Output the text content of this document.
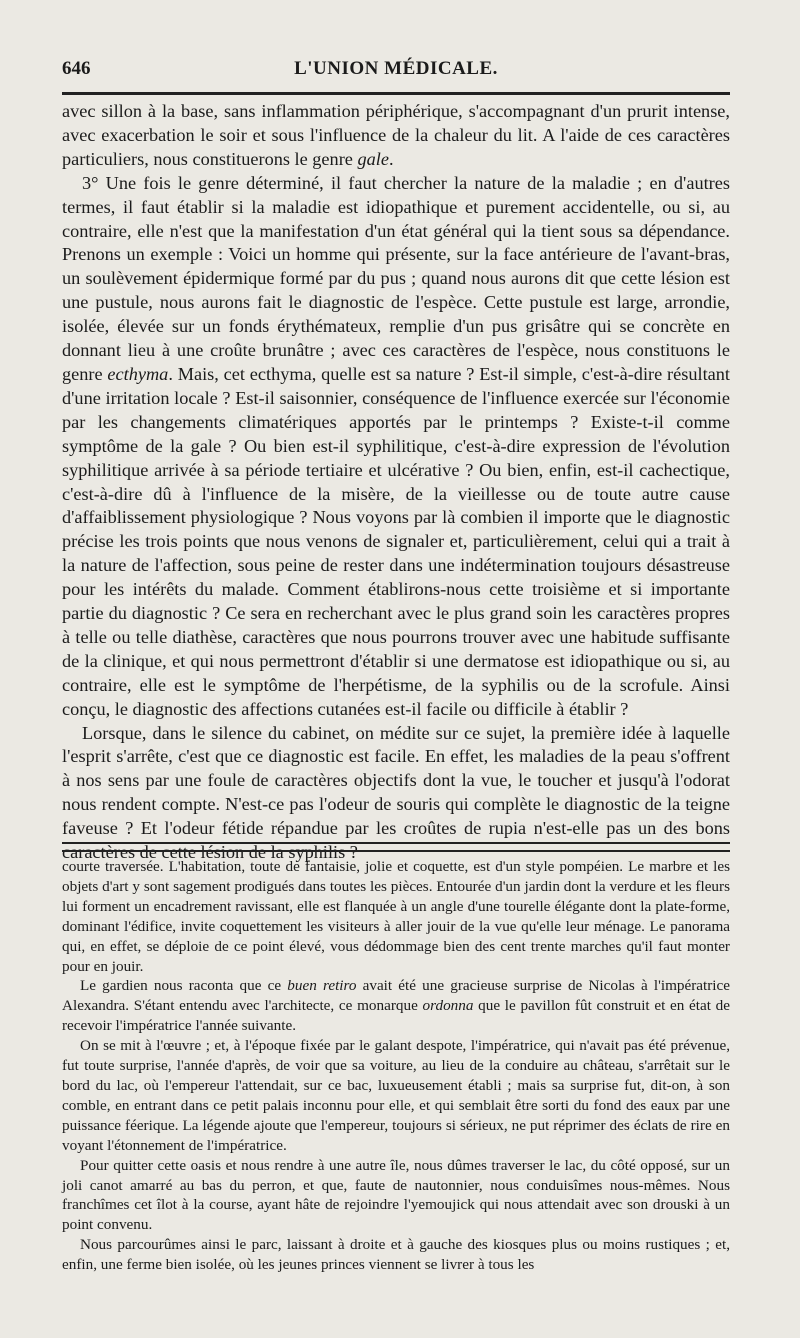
646	L'UNION MÉDICALE.

avec sillon à la base, sans inflammation périphérique, s'accompagnant d'un prurit intense, avec exacerbation le soir et sous l'influence de la chaleur du lit. A l'aide de ces caractères particuliers, nous constituerons le genre gale.

3° Une fois le genre déterminé, il faut chercher la nature de la maladie ; en d'autres termes, il faut établir si la maladie est idiopathique et purement accidentelle, ou si, au contraire, elle n'est que la manifestation d'un état général qui la tient sous sa dépendance. Prenons un exemple : Voici un homme qui présente, sur la face antérieure de l'avant-bras, un soulèvement épidermique formé par du pus ; quand nous aurons dit que cette lésion est une pustule, nous aurons fait le diagnostic de l'espèce. Cette pustule est large, arrondie, isolée, élevée sur un fonds érythémateux, remplie d'un pus grisâtre qui se concrète en donnant lieu à une croûte brunâtre ; avec ces caractères de l'espèce, nous constituons le genre ecthyma. Mais, cet ecthyma, quelle est sa nature ? Est-il simple, c'est-à-dire résultant d'une irritation locale ? Est-il saisonnier, conséquence de l'influence exercée sur l'économie par les changements climatériques apportés par le printemps ? Existe-t-il comme symptôme de la gale ? Ou bien est-il syphilitique, c'est-à-dire expression de l'évolution syphilitique arrivée à sa période tertiaire et ulcérative ? Ou bien, enfin, est-il cachectique, c'est-à-dire dû à l'influence de la misère, de la vieillesse ou de toute autre cause d'affaiblissement physiologique ? Nous voyons par là combien il importe que le diagnostic précise les trois points que nous venons de signaler et, particulièrement, celui qui a trait à la nature de l'affection, sous peine de rester dans une indétermination toujours désastreuse pour les intérêts du malade. Comment établirons-nous cette troisième et si importante partie du diagnostic ? Ce sera en recherchant avec le plus grand soin les caractères propres à telle ou telle diathèse, caractères que nous pourrons trouver avec une habitude suffisante de la clinique, et qui nous permettront d'établir si une dermatose est idiopathique ou si, au contraire, elle est le symptôme de l'herpétisme, de la syphilis ou de la scrofule. Ainsi conçu, le diagnostic des affections cutanées est-il facile ou difficile à établir ?

Lorsque, dans le silence du cabinet, on médite sur ce sujet, la première idée à laquelle l'esprit s'arrête, c'est que ce diagnostic est facile. En effet, les maladies de la peau s'offrent à nos sens par une foule de caractères objectifs dont la vue, le toucher et jusqu'à l'odorat nous rendent compte. N'est-ce pas l'odeur de souris qui complète le diagnostic de la teigne faveuse ? Et l'odeur fétide répandue par les croûtes de rupia n'est-elle pas un des bons caractères de cette lésion de la syphilis ?

courte traversée. L'habitation, toute de fantaisie, jolie et coquette, est d'un style pompéien. Le marbre et les objets d'art y sont sagement prodigués dans toutes les pièces. Entourée d'un jardin dont la verdure et les fleurs lui forment un encadrement ravissant, elle est flanquée à un angle d'une tourelle élégante dont la plate-forme, dominant l'édifice, invite coquettement les visiteurs à aller jouir de la vue qu'elle leur ménage. Le panorama qui, en effet, se déploie de ce point élevé, vous dédommage bien des cent trente marches qu'il faut monter pour en jouir.

Le gardien nous raconta que ce buen retiro avait été une gracieuse surprise de Nicolas à l'impératrice Alexandra. S'étant entendu avec l'architecte, ce monarque ordonna que le pavillon fût construit et en état de recevoir l'impératrice l'année suivante.

On se mit à l'œuvre ; et, à l'époque fixée par le galant despote, l'impératrice, qui n'avait pas été prévenue, fut toute surprise, l'année d'après, de voir que sa voiture, au lieu de la conduire au château, s'arrêtait sur le bord du lac, où l'empereur l'attendait, sur ce bac, luxueusement établi ; mais sa surprise fut, dit-on, à son comble, en entrant dans ce petit palais inconnu pour elle, et qui semblait être sorti du fond des eaux par une puissance féerique. La légende ajoute que l'empereur, toujours si sérieux, ne put réprimer des éclats de rire en voyant l'étonnement de l'impératrice.

Pour quitter cette oasis et nous rendre à une autre île, nous dûmes traverser le lac, du côté opposé, sur un joli canot amarré au bas du perron, et que, faute de nautonnier, nous conduisîmes nous-mêmes. Nous franchîmes cet îlot à la course, ayant hâte de rejoindre l'yemoujick qui nous attendait avec son drouski à un point convenu.

Nous parcourûmes ainsi le parc, laissant à droite et à gauche des kiosques plus ou moins rustiques ; et, enfin, une ferme bien isolée, où les jeunes princes viennent se livrer à tous les
